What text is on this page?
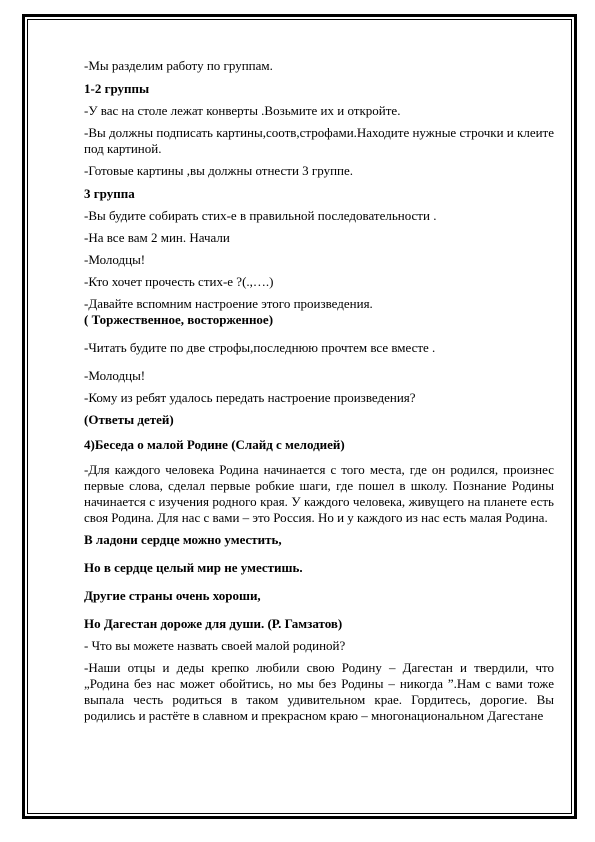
-Мы разделим работу по группам.

1-2 группы

-У вас на столе лежат конверты .Возьмите их и откройте.

-Вы должны подписать картины,соотв,строфами.Находите нужные строчки и клеите под картиной.

-Готовые картины ,вы должны отнести 3 группе.

3 группа

-Вы будите собирать стих-е в правильной последовательности .

-На все вам 2 мин. Начали

-Молодцы!

-Кто хочет прочесть стих-е ?(.,….)

-Давайте вспомним настроение этого произведения.

( Торжественное, восторженное)

-Читать будите по две строфы,последнюю прочтем все вместе .

-Молодцы!

-Кому из ребят удалось передать настроение произведения?

(Ответы детей)

4)Беседа о малой Родине (Слайд с мелодией)

-Для каждого человека Родина начинается с того места, где он родился, произнес первые слова, сделал первые робкие шаги, где пошел в школу. Познание Родины начинается с изучения родного края. У каждого человека, живущего на планете есть своя Родина. Для нас с вами – это Россия. Но и у каждого из нас есть малая Родина.

В ладони сердце можно уместить,

Но в сердце целый мир не уместишь.

Другие страны очень хороши,

Но Дагестан дороже для души. (Р. Гамзатов)

- Что вы можете назвать своей малой родиной?

-Наши отцы и деды крепко любили свою Родину – Дагестан и твердили, что „Родина без нас может обойтись, но мы без Родины – никогда ”.Нам с вами тоже выпала честь родиться в таком удивительном крае. Гордитесь, дорогие. Вы родились и растёте в славном и прекрасном краю – многонациональном Дагестане
